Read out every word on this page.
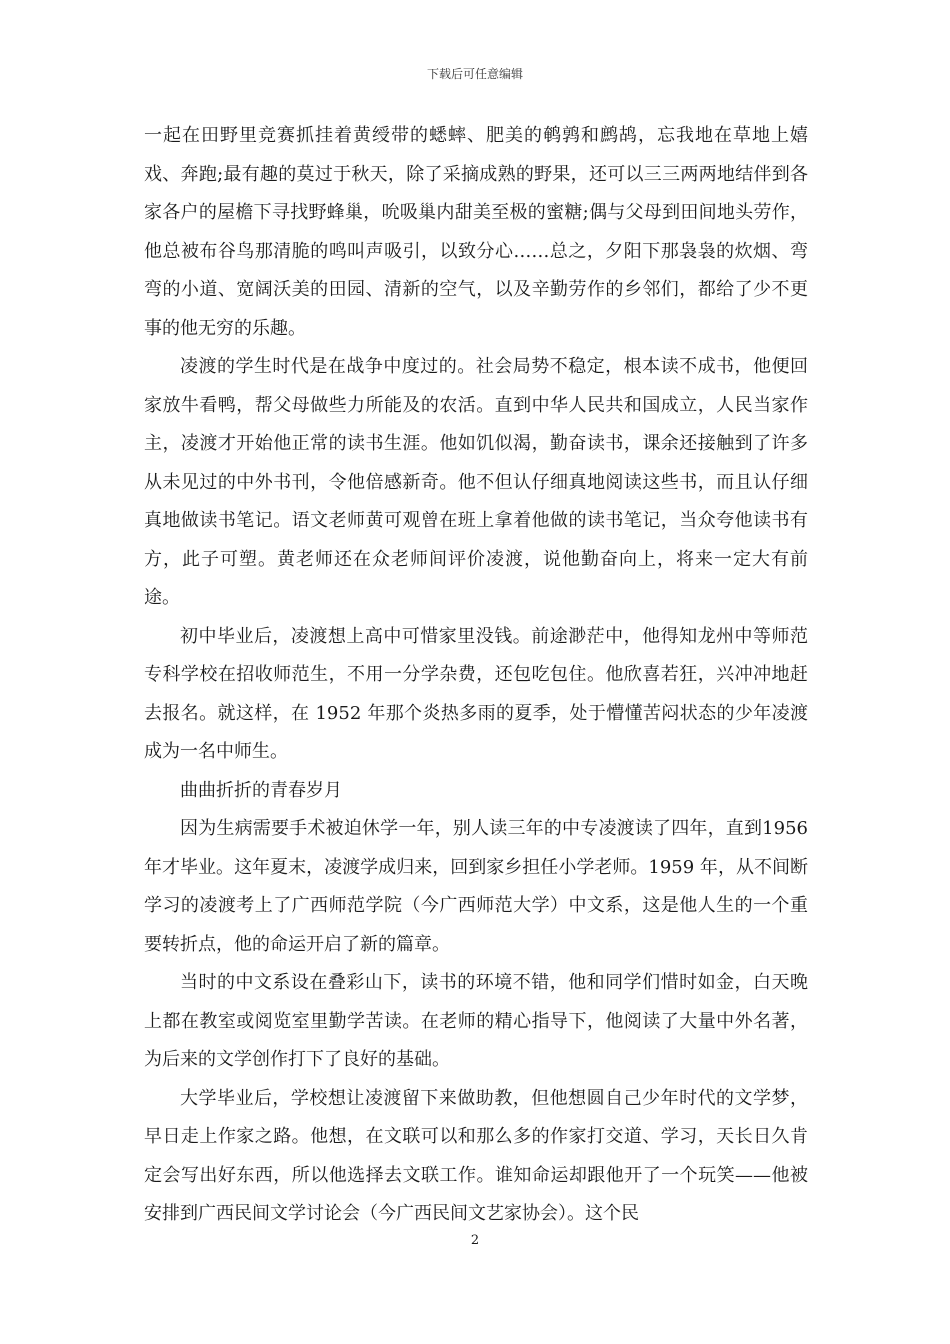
下载后可任意编辑

一起在田野里竞赛抓挂着黄绶带的蟋蟀、肥美的鹌鹑和鹧鸪，忘我地在草地上嬉戏、奔跑;最有趣的莫过于秋天，除了采摘成熟的野果，还可以三三两两地结伴到各家各户的屋檐下寻找野蜂巢，吮吸巢内甜美至极的蜜糖;偶与父母到田间地头劳作，他总被布谷鸟那清脆的鸣叫声吸引，以致分心……总之，夕阳下那袅袅的炊烟、弯弯的小道、宽阔沃美的田园、清新的空气，以及辛勤劳作的乡邻们，都给了少不更事的他无穷的乐趣。

凌渡的学生时代是在战争中度过的。社会局势不稳定，根本读不成书，他便回家放牛看鸭，帮父母做些力所能及的农活。直到中华人民共和国成立，人民当家作主，凌渡才开始他正常的读书生涯。他如饥似渴，勤奋读书，课余还接触到了许多从未见过的中外书刊，令他倍感新奇。他不但认仔细真地阅读这些书，而且认仔细真地做读书笔记。语文老师黄可观曾在班上拿着他做的读书笔记，当众夸他读书有方，此子可塑。黄老师还在众老师间评价凌渡，说他勤奋向上，将来一定大有前途。

初中毕业后，凌渡想上高中可惜家里没钱。前途渺茫中，他得知龙州中等师范专科学校在招收师范生，不用一分学杂费，还包吃包住。他欣喜若狂，兴冲冲地赶去报名。就这样，在 1952 年那个炎热多雨的夏季，处于懵懂苦闷状态的少年凌渡成为一名中师生。

曲曲折折的青春岁月

因为生病需要手术被迫休学一年，别人读三年的中专凌渡读了四年，直到1956 年才毕业。这年夏末，凌渡学成归来，回到家乡担任小学老师。1959 年，从不间断学习的凌渡考上了广西师范学院（今广西师范大学）中文系，这是他人生的一个重要转折点，他的命运开启了新的篇章。

当时的中文系设在叠彩山下，读书的环境不错，他和同学们惜时如金，白天晚上都在教室或阅览室里勤学苦读。在老师的精心指导下，他阅读了大量中外名著，为后来的文学创作打下了良好的基础。

大学毕业后，学校想让凌渡留下来做助教，但他想圆自己少年时代的文学梦，早日走上作家之路。他想，在文联可以和那么多的作家打交道、学习，天长日久肯定会写出好东西，所以他选择去文联工作。谁知命运却跟他开了一个玩笑——他被安排到广西民间文学讨论会（今广西民间文艺家协会）。这个民

2
